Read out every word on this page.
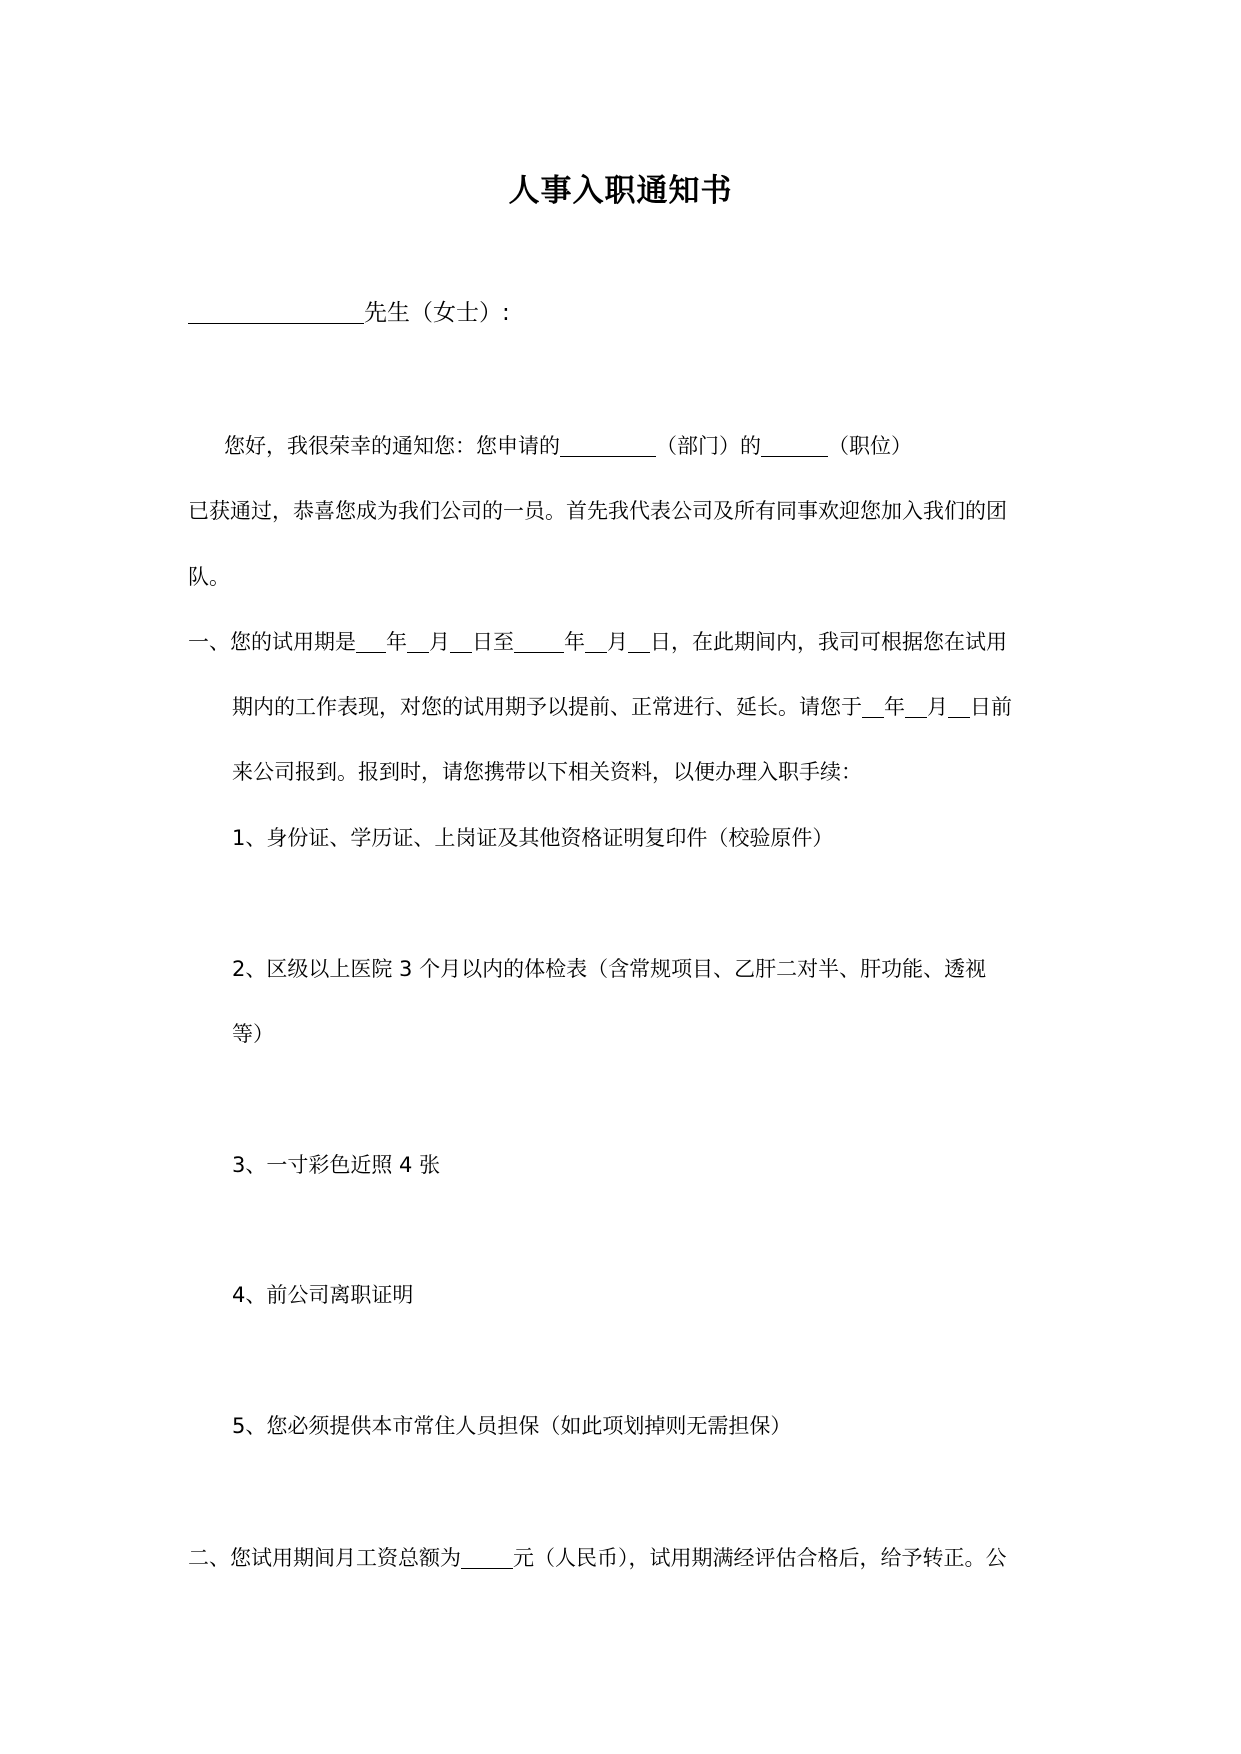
人事入职通知书
先生（女士）:
您好，我很荣幸的通知您：您申请的	（部门）的	（职位）
已获通过，恭喜您成为我们公司的一员。首先我代表公司及所有同事欢迎您加入我们的团
队。
一、您的试用期是 年 月 日至 年 月 日，在此期间内，我司可根据您在试用
期内的工作表现，对您的试用期予以提前、正常进行、延长。请您于 年 月 日前
来公司报到。报到时，请您携带以下相关资料，以便办理入职手续：
1、身份证、学历证、上岗证及其他资格证明复印件（校验原件）
2、区级以上医院 3 个月以内的体检表（含常规项目、乙肝二对半、肝功能、透视
等）
3、一寸彩色近照 4 张
4、前公司离职证明
5、您必须提供本市常住人员担保（如此项划掉则无需担保）
二、您试用期间月工资总额为 元（人民币），试用期满经评估合格后，给予转正。公
